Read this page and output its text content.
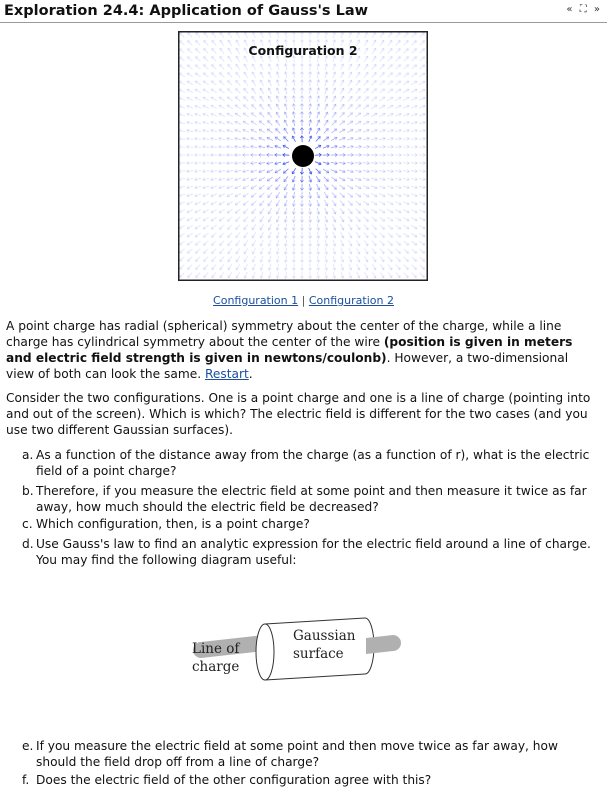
Exploration 24.4: Application of Gauss's Law	« ⛶ »
Configuration 2
Configuration 1 | Configuration 2
A point charge has radial (spherical) symmetry about the center of the charge, while a line charge has cylindrical symmetry about the center of the wire (position is given in meters and electric field strength is given in newtons/coulonb). However, a two-dimensional view of both can look the same. Restart.
Consider the two configurations. One is a point charge and one is a line of charge (pointing into and out of the screen). Which is which? The electric field is different for the two cases (and you use two different Gaussian surfaces).
a. As a function of the distance away from the charge (as a function of r), what is the electric field of a point charge?
b. Therefore, if you measure the electric field at some point and then measure it twice as far away, how much should the electric field be decreased?
c. Which configuration, then, is a point charge?
d. Use Gauss's law to find an analytic expression for the electric field around a line of charge. You may find the following diagram useful:
Line of
charge
Gaussian
surface
e. If you measure the electric field at some point and then move twice as far away, how should the field drop off from a line of charge?
f. Does the electric field of the other configuration agree with this?
